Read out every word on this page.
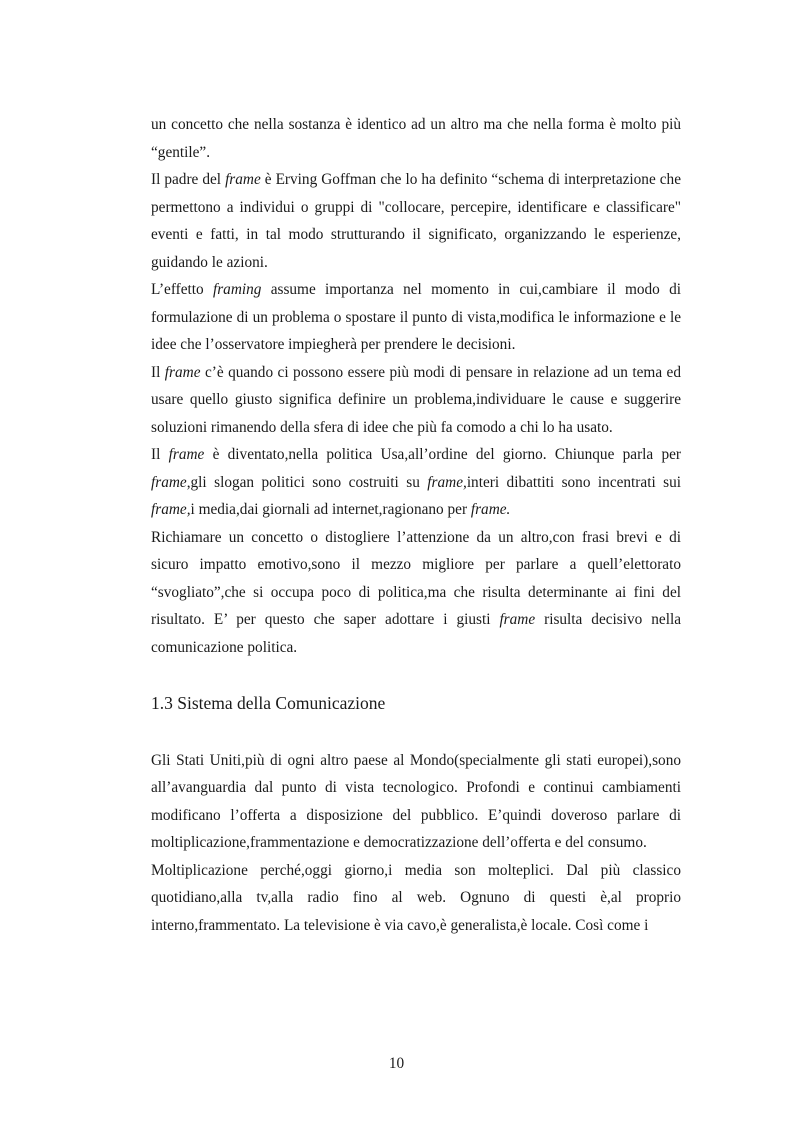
un concetto che nella sostanza è identico ad un altro ma che nella forma è molto più “gentile”.

Il padre del frame è Erving Goffman che lo ha definito “schema di interpretazione che permettono a individui o gruppi di "collocare, percepire, identificare e classificare" eventi e fatti, in tal modo strutturando il significato, organizzando le esperienze, guidando le azioni.

L’effetto framing assume importanza nel momento in cui,cambiare il modo di formulazione di un problema o spostare il punto di vista,modifica le informazione e le idee che l’osservatore impiegherà per prendere le decisioni.

Il frame c’è quando ci possono essere più modi di pensare in relazione ad un tema ed usare quello giusto significa definire un problema,individuare le cause e suggerire soluzioni rimanendo della sfera di idee che più fa comodo a chi lo ha usato.

Il frame è diventato,nella politica Usa,all’ordine del giorno. Chiunque parla per frame,gli slogan politici sono costruiti su frame,interi dibattiti sono incentrati sui frame,i media,dai giornali ad internet,ragionano per frame.

Richiamare un concetto o distogliere l’attenzione da un altro,con frasi brevi e di sicuro impatto emotivo,sono il mezzo migliore per parlare a quell’elettorato “svogliato”,che si occupa poco di politica,ma che risulta determinante ai fini del risultato. E’ per questo che saper adottare i giusti frame risulta decisivo nella comunicazione politica.

1.3 Sistema della Comunicazione

Gli Stati Uniti,più di ogni altro paese al Mondo(specialmente gli stati europei),sono all’avanguardia dal punto di vista tecnologico. Profondi e continui cambiamenti modificano l’offerta a disposizione del pubblico. E’quindi doveroso parlare di moltiplicazione,frammentazione e democratizzazione dell’offerta e del consumo.

Moltiplicazione perché,oggi giorno,i media son molteplici. Dal più classico quotidiano,alla tv,alla radio fino al web. Ognuno di questi è,al proprio interno,frammentato. La televisione è via cavo,è generalista,è locale. Così come i

10
